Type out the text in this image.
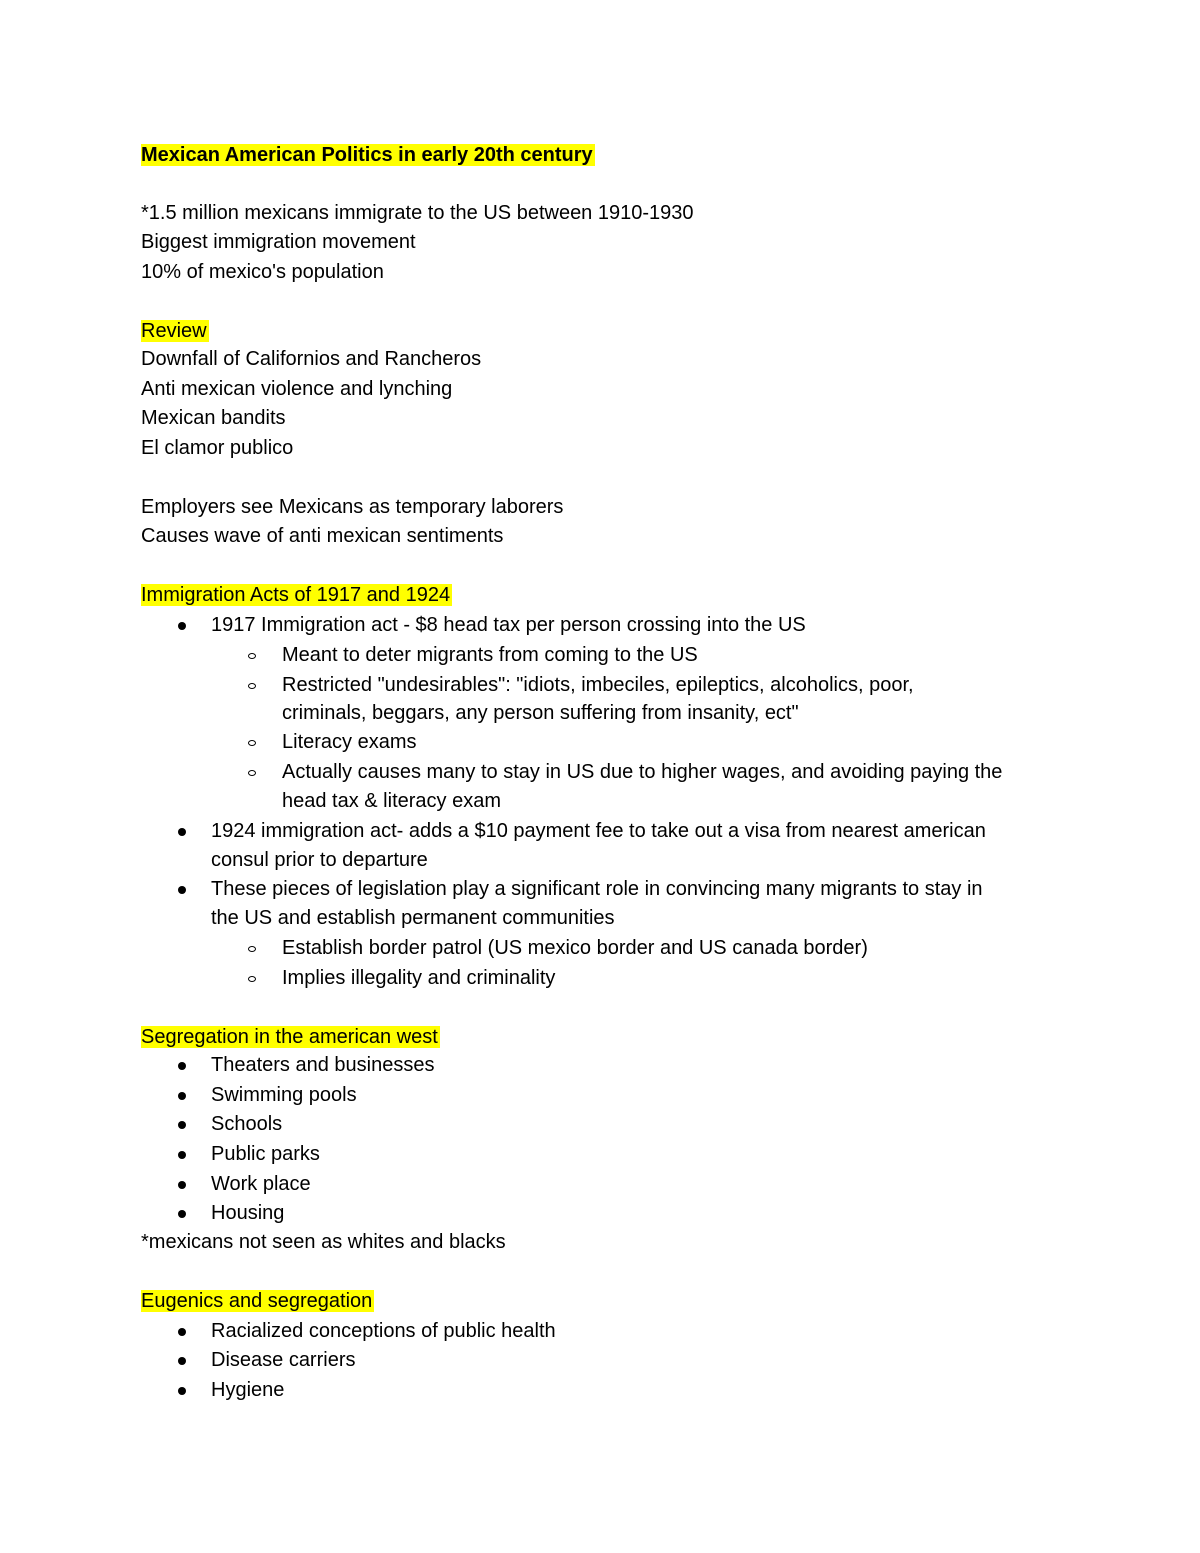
Mexican American Politics in early 20th century
*1.5 million mexicans immigrate to the US between 1910-1930
Biggest immigration movement
10% of mexico's population
Review
Downfall of Californios and Rancheros
Anti mexican violence and lynching
Mexican bandits
El clamor publico
Employers see Mexicans as temporary laborers
Causes wave of anti mexican sentiments
Immigration Acts of 1917 and 1924
1917 Immigration act - $8 head tax per person crossing into the US
Meant to deter migrants from coming to the US
Restricted "undesirables": "idiots, imbeciles, epileptics, alcoholics, poor,
criminals, beggars, any person suffering from insanity, ect"
Literacy exams
Actually causes many to stay in US due to higher wages, and avoiding paying the
head tax & literacy exam
1924 immigration act- adds a $10 payment fee to take out a visa from nearest american
consul prior to departure
These pieces of legislation play a significant role in convincing many migrants to stay in
the US and establish permanent communities
Establish border patrol (US mexico border and US canada border)
Implies illegality and criminality
Segregation in the american west
Theaters and businesses
Swimming pools
Schools
Public parks
Work place
Housing
*mexicans not seen as whites and blacks
Eugenics and segregation
Racialized conceptions of public health
Disease carriers
Hygiene
